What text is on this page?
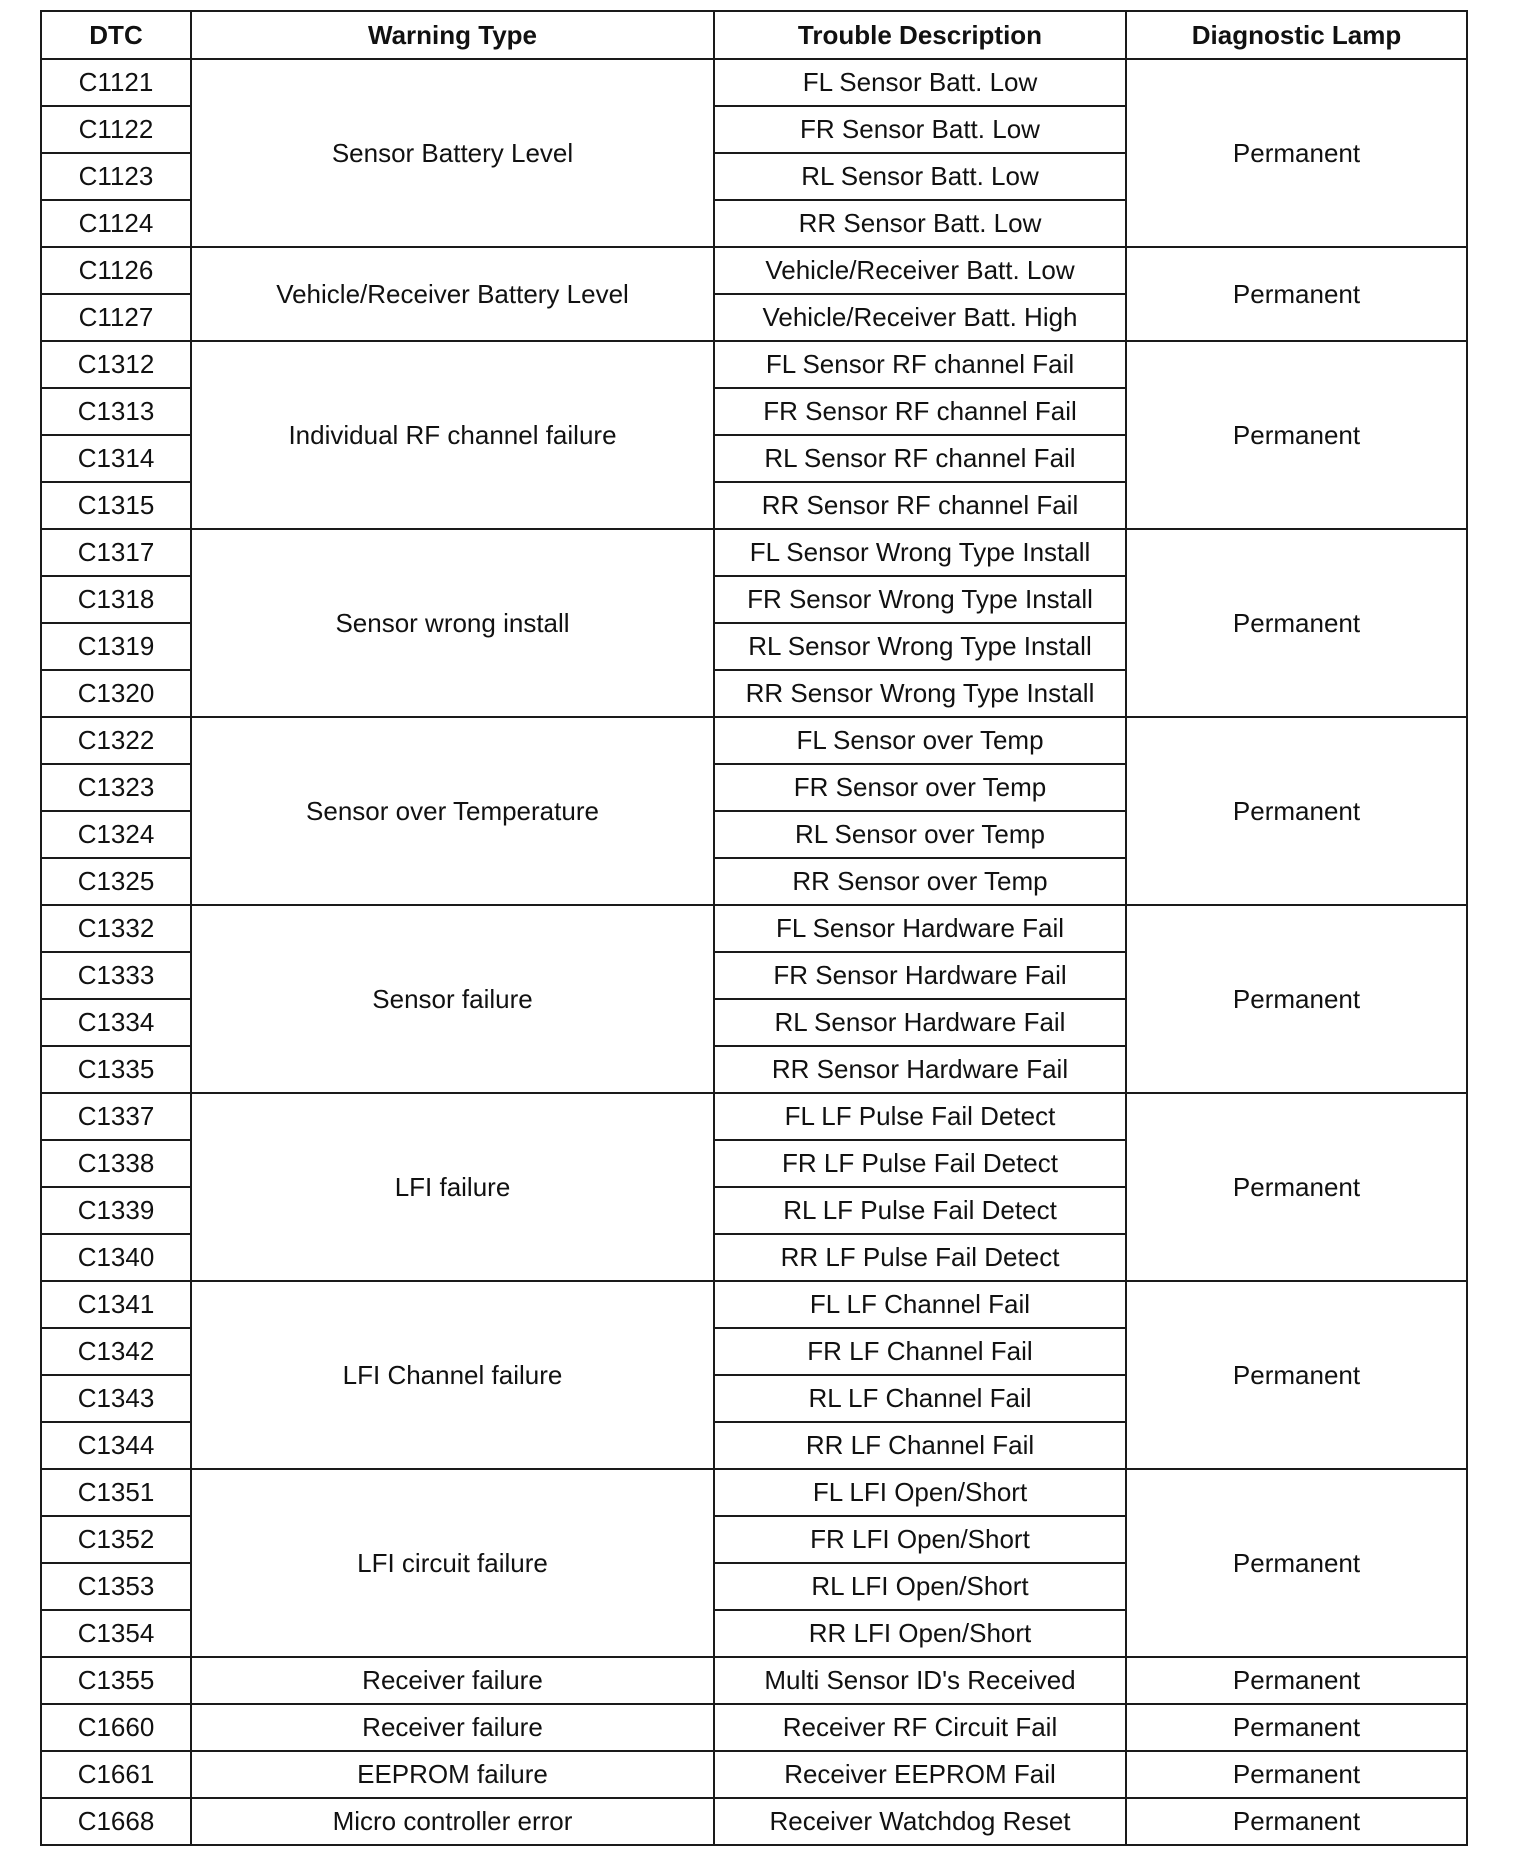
DTC	Warning Type	Trouble Description	Diagnostic Lamp
C1121	Sensor Battery Level	FL Sensor Batt. Low	Permanent
C1122		FR Sensor Batt. Low	
C1123		RL Sensor Batt. Low	
C1124		RR Sensor Batt. Low	
C1126	Vehicle/Receiver Battery Level	Vehicle/Receiver Batt. Low	Permanent
C1127		Vehicle/Receiver Batt. High	
C1312	Individual RF channel failure	FL Sensor RF channel Fail	Permanent
C1313		FR Sensor RF channel Fail	
C1314		RL Sensor RF channel Fail	
C1315		RR Sensor RF channel Fail	
C1317	Sensor wrong install	FL Sensor Wrong Type Install	Permanent
C1318		FR Sensor Wrong Type Install	
C1319		RL Sensor Wrong Type Install	
C1320		RR Sensor Wrong Type Install	
C1322	Sensor over Temperature	FL Sensor over Temp	Permanent
C1323		FR Sensor over Temp	
C1324		RL Sensor over Temp	
C1325		RR Sensor over Temp	
C1332	Sensor failure	FL Sensor Hardware Fail	Permanent
C1333		FR Sensor Hardware Fail	
C1334		RL Sensor Hardware Fail	
C1335		RR Sensor Hardware Fail	
C1337	LFI failure	FL LF Pulse Fail Detect	Permanent
C1338		FR LF Pulse Fail Detect	
C1339		RL LF Pulse Fail Detect	
C1340		RR LF Pulse Fail Detect	
C1341	LFI Channel failure	FL LF Channel Fail	Permanent
C1342		FR LF Channel Fail	
C1343		RL LF Channel Fail	
C1344		RR LF Channel Fail	
C1351	LFI circuit failure	FL LFI Open/Short	Permanent
C1352		FR LFI Open/Short	
C1353		RL LFI Open/Short	
C1354		RR LFI Open/Short	
C1355	Receiver failure	Multi Sensor ID's Received	Permanent
C1660	Receiver failure	Receiver RF Circuit Fail	Permanent
C1661	EEPROM failure	Receiver EEPROM Fail	Permanent
C1668	Micro controller error	Receiver Watchdog Reset	Permanent
